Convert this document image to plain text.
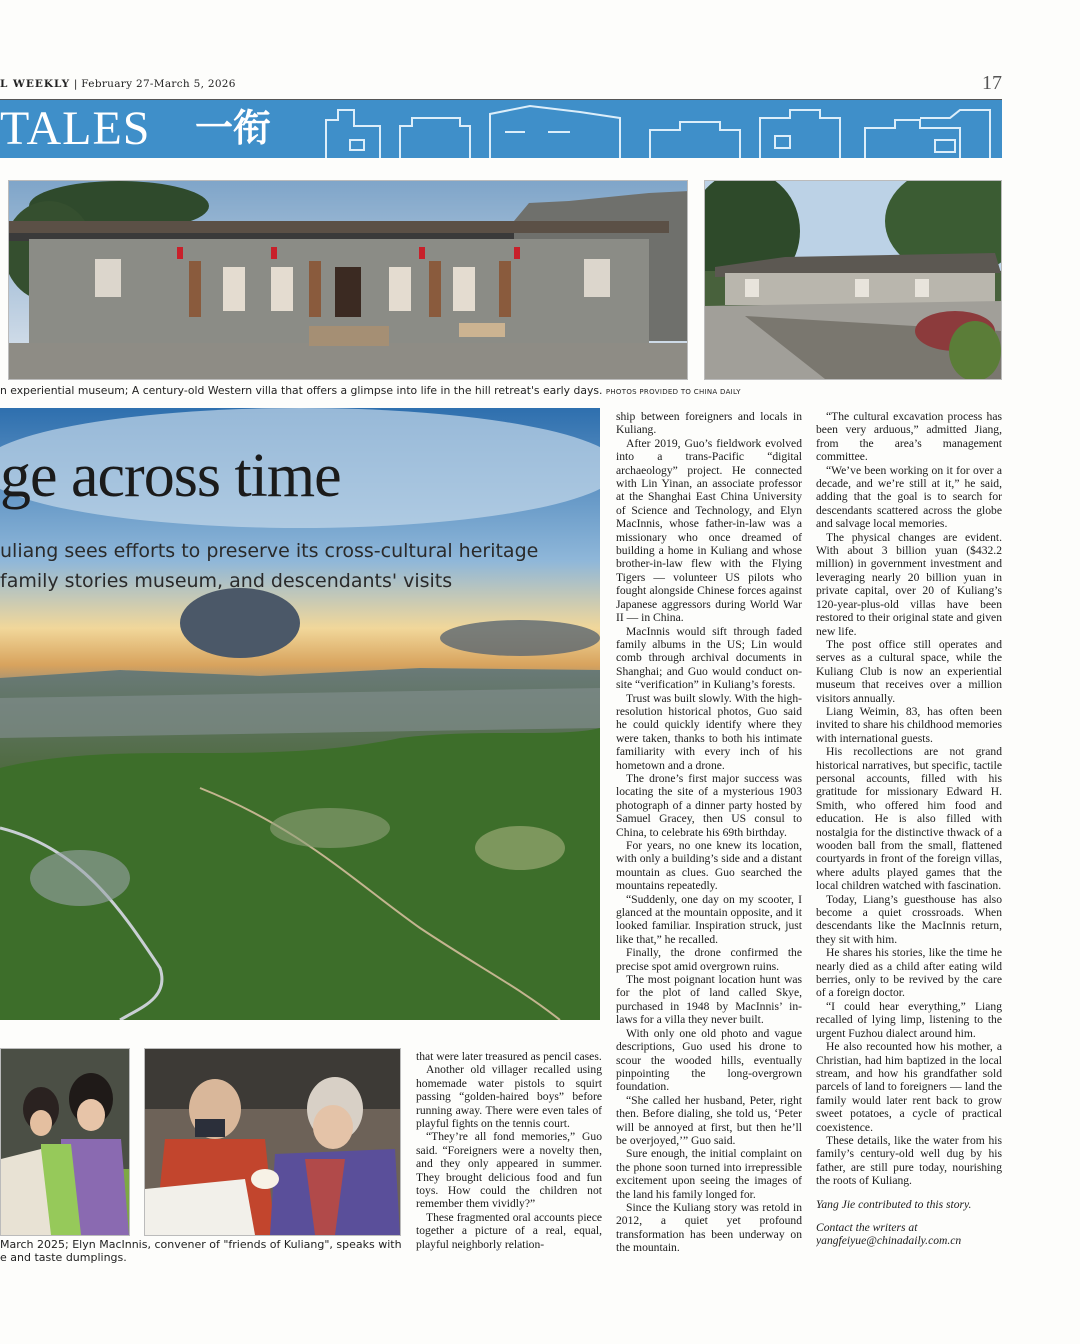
L WEEKLY | February 27-March 5, 2026	17
TALES 一衔
n experiential museum; A century-old Western villa that offers a glimpse into life in the hill retreat's early days. PHOTOS PROVIDED TO CHINA DAILY
ge across time
uliang sees efforts to preserve its cross-cultural heritage
family stories museum, and descendants' visits
March 2025; Elyn MacInnis, convener of "friends of Kuliang", speaks with
e and taste dumplings.

that were later treasured as pencil cases.

Another old villager recalled using homemade water pistols to squirt passing “golden-haired boys” before running away. There were even tales of playful fights on the tennis court.

“They’re all fond memories,” Guo said. “Foreigners were a novelty then, and they only appeared in summer. They brought delicious food and fun toys. How could the children not remember them vividly?”

These fragmented oral accounts piece together a picture of a real, equal, playful neighborly relation-

ship between foreigners and locals in Kuliang.

After 2019, Guo’s fieldwork evolved into a trans-Pacific “digital archaeology” project. He connected with Lin Yinan, an associate professor at the Shanghai East China University of Science and Technology, and Elyn MacInnis, whose father-in-law was a missionary who once dreamed of building a home in Kuliang and whose brother-in-law flew with the Flying Tigers — volunteer US pilots who fought alongside Chinese forces against Japanese aggressors during World War II — in China.

MacInnis would sift through faded family albums in the US; Lin would comb through archival documents in Shanghai; and Guo would conduct on-site “verification” in Kuliang’s forests.

Trust was built slowly. With the high-resolution historical photos, Guo said he could quickly identify where they were taken, thanks to both his intimate familiarity with every inch of his hometown and a drone.

The drone’s first major success was locating the site of a mysterious 1903 photograph of a dinner party hosted by Samuel Gracey, then US consul to China, to celebrate his 69th birthday.

For years, no one knew its location, with only a building’s side and a distant mountain as clues. Guo searched the mountains repeatedly.

“Suddenly, one day on my scooter, I glanced at the mountain opposite, and it looked familiar. Inspiration struck, just like that,” he recalled.

Finally, the drone confirmed the precise spot amid overgrown ruins.

The most poignant location hunt was for the plot of land called Skye, purchased in 1948 by MacInnis’ in-laws for a villa they never built.

With only one old photo and vague descriptions, Guo used his drone to scour the wooded hills, eventually pinpointing the long-overgrown foundation.

“She called her husband, Peter, right then. Before dialing, she told us, ‘Peter will be annoyed at first, but then he’ll be overjoyed,’” Guo said.

Sure enough, the initial complaint on the phone soon turned into irrepressible excitement upon seeing the images of the land his family longed for.

Since the Kuliang story was retold in 2012, a quiet yet profound transformation has been underway on the mountain.

“The cultural excavation process has been very arduous,” admitted Jiang, from the area’s management committee.

“We’ve been working on it for over a decade, and we’re still at it,” he said, adding that the goal is to search for descendants scattered across the globe and salvage local memories.

The physical changes are evident. With about 3 billion yuan ($432.2 million) in government investment and leveraging nearly 20 billion yuan in private capital, over 20 of Kuliang’s 120-year-plus-old villas have been restored to their original state and given new life.

The post office still operates and serves as a cultural space, while the Kuliang Club is now an experiential museum that receives over a million visitors annually.

Liang Weimin, 83, has often been invited to share his childhood memories with international guests.

His recollections are not grand historical narratives, but specific, tactile personal accounts, filled with his gratitude for missionary Edward H. Smith, who offered him food and education. He is also filled with nostalgia for the distinctive thwack of a wooden ball from the small, flattened courtyards in front of the foreign villas, where adults played games that the local children watched with fascination.

Today, Liang’s guesthouse has also become a quiet crossroads. When descendants like the MacInnis return, they sit with him.

He shares his stories, like the time he nearly died as a child after eating wild berries, only to be revived by the care of a foreign doctor.

“I could hear everything,” Liang recalled of lying limp, listening to the urgent Fuzhou dialect around him.

He also recounted how his mother, a Christian, had him baptized in the local stream, and how his grandfather sold parcels of land to foreigners — land the family would later rent back to grow sweet potatoes, a cycle of practical coexistence.

These details, like the water from his family’s century-old well dug by his father, are still pure today, nourishing the roots of Kuliang.

Yang Jie contributed to this story.

Contact the writers at

yangfeiyue@chinadaily.com.cn
